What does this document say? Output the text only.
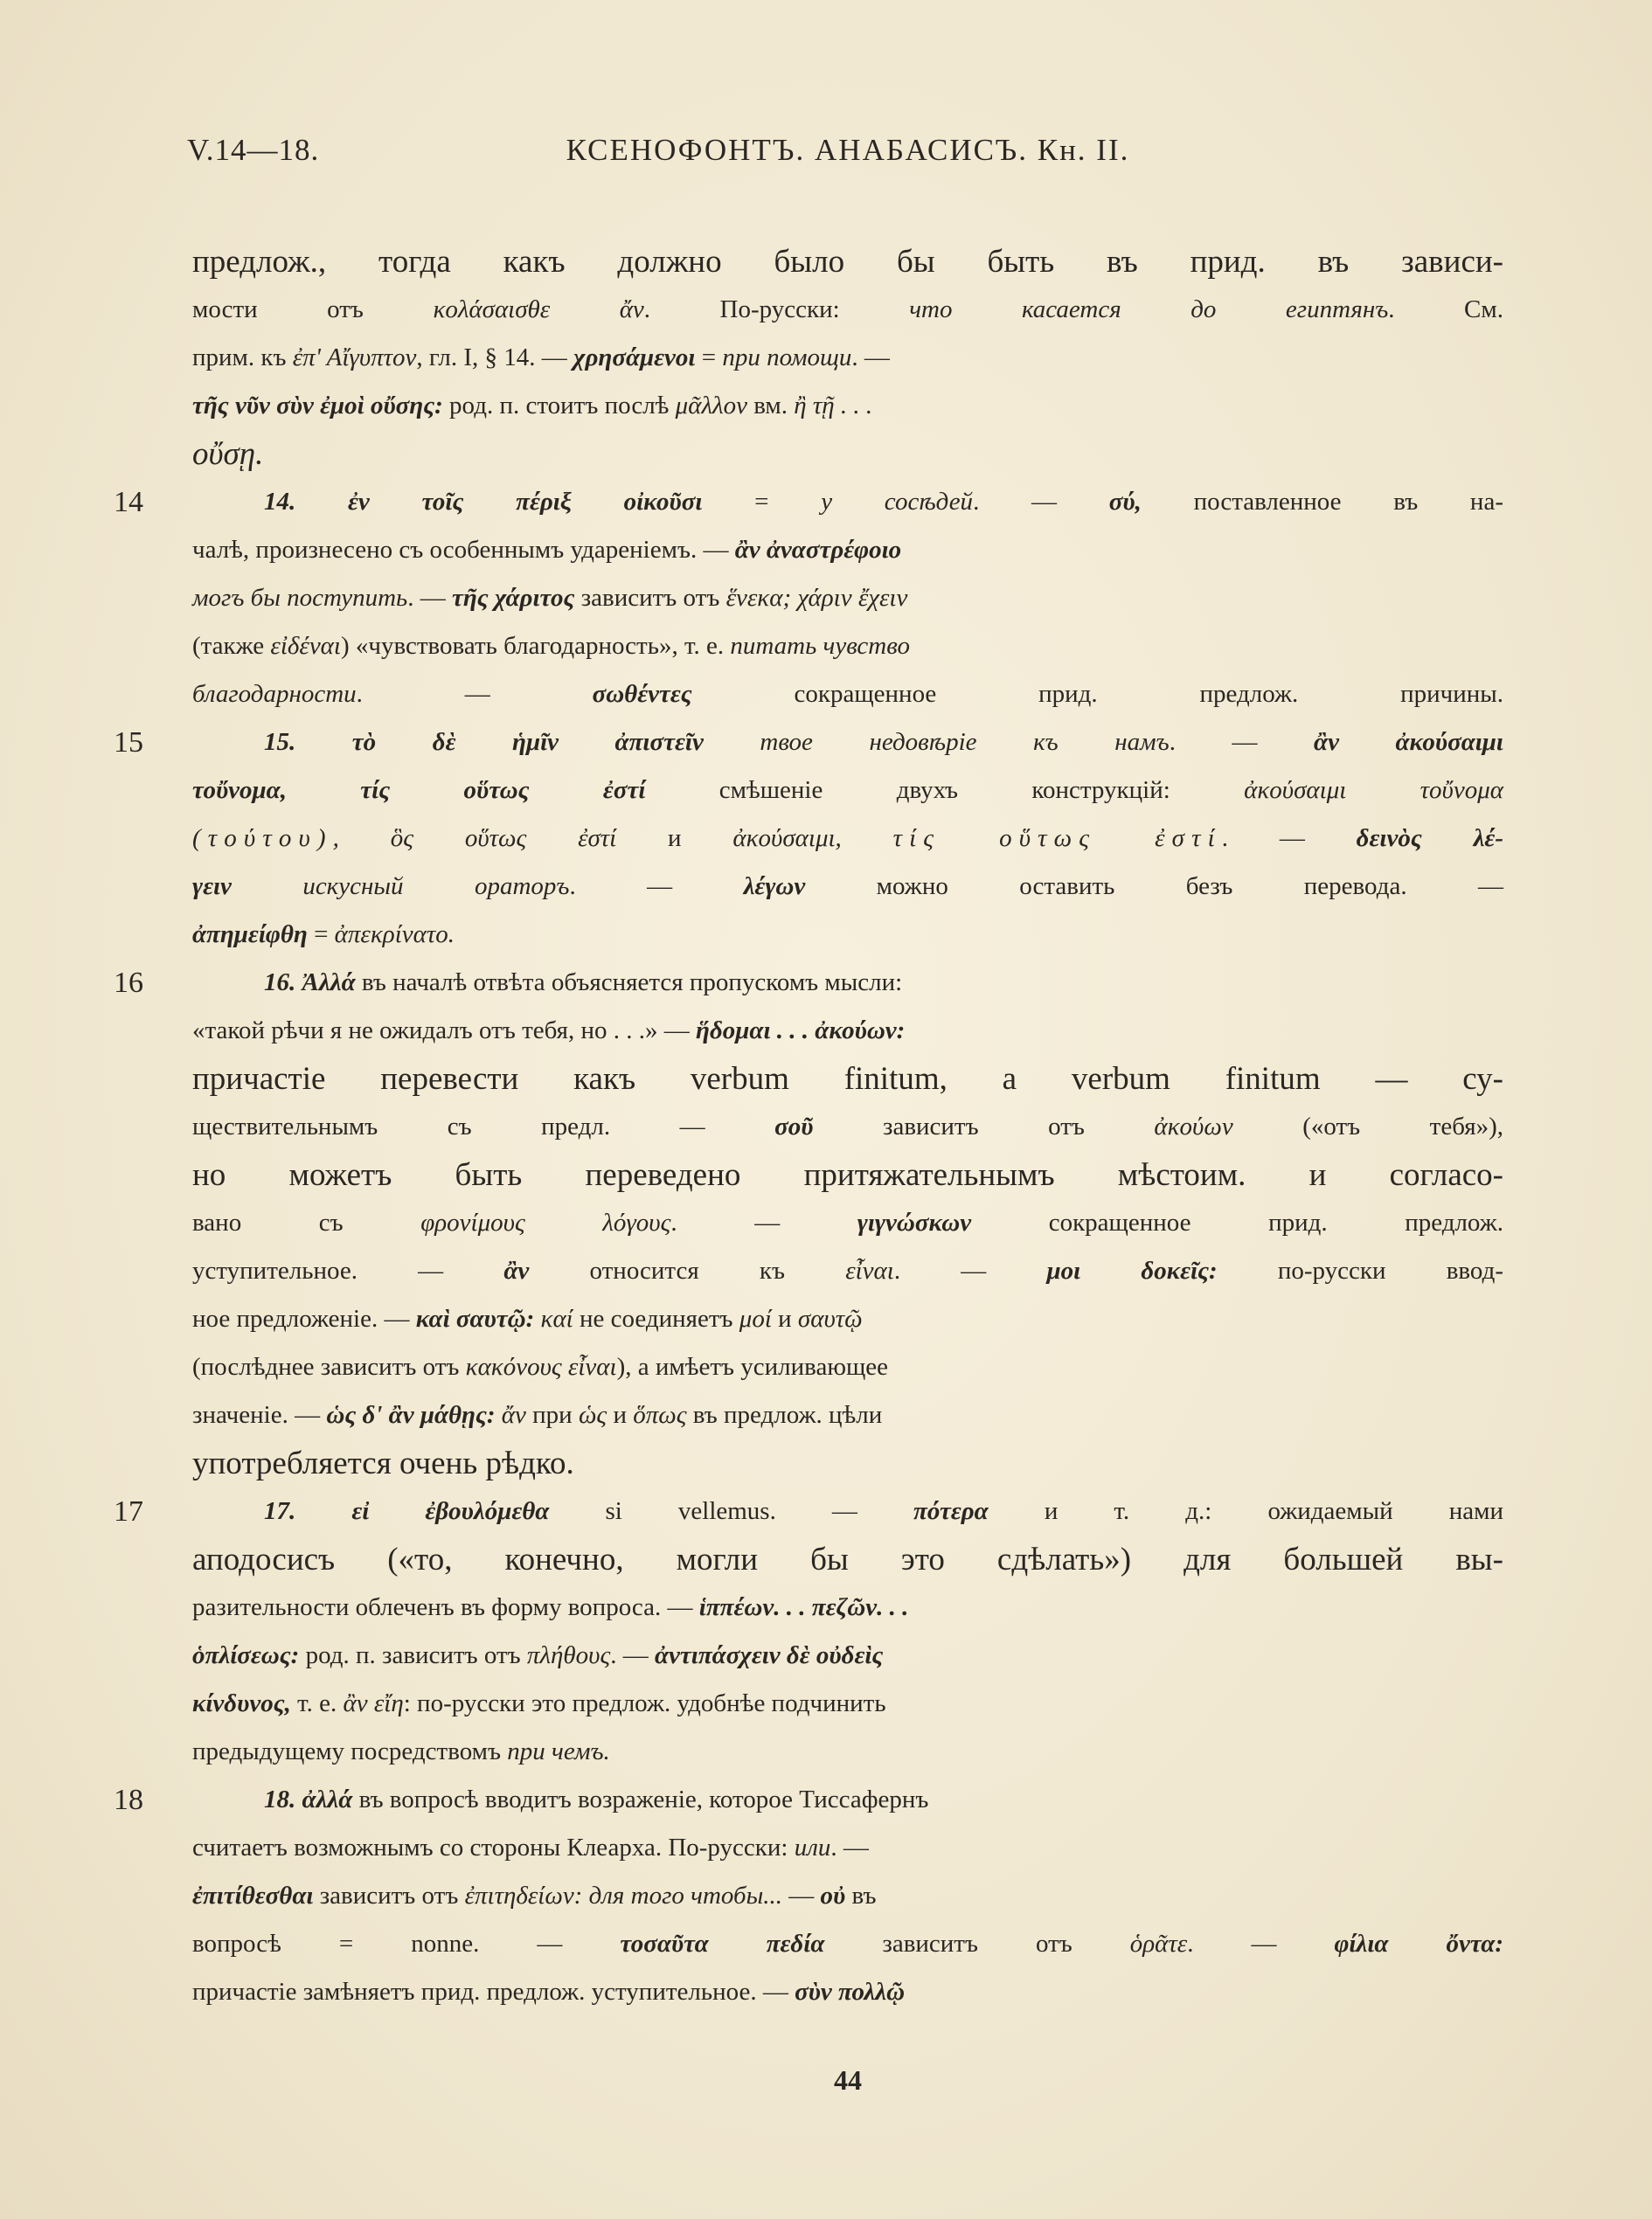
V.14—18.	КСЕНОФОНТЪ. АНАБАСИСЪ. Кн. II.
предлож., тогда какъ должно было бы быть въ прид. въ зависи-
мости отъ κολάσαισθε ἄν. По-русски: что касается до египтянъ. См.
прим. къ ἐπ' Αἴγυπτον, гл. I, § 14. — χρησάμενοι = при помощи. —
τῆς νῦν σὺν ἐμοὶ οὔσης: род. п. стоитъ послѣ μᾶλλον вм. ἢ τῇ . . .
οὔσῃ.
14	14. ἐν τοῖς πέριξ οἰκοῦσι = у сосѣдей. — σύ, поставленное въ на-
чалѣ, произнесено съ особеннымъ удареніемъ. — ἂν ἀναστρέφοιο
могъ бы поступить. — τῆς χάριτος зависитъ отъ ἕνεκα; χάριν ἔχειν
(также εἰδέναι) «чувствовать благодарность», т. е. питать чувство
благодарности. — σωθέντες сокращенное прид. предлож. причины.
15	15. τὸ δὲ ἡμῖν ἀπιστεῖν твое недовѣріе къ намъ. — ἂν ἀκούσαιμι
τοὔνομα, τίς οὕτως ἐστί смѣшеніе двухъ конструкцій: ἀκούσαιμι τοὔνομα
(τούτου), ὃς οὕτως ἐστί и ἀκούσαιμι, τίς οὕτως ἐστί. — δεινὸς λέ-
γειν искусный ораторъ. — λέγων можно оставить безъ перевода. —
ἀπημείφθη = ἀπεκρίνατο.
16	16. Ἀλλά въ началѣ отвѣта объясняется пропускомъ мысли:
«такой рѣчи я не ожидалъ отъ тебя, но . . .» — ἥδομαι . . . ἀκούων:
причастіе перевести какъ verbum finitum, а verbum finitum — су-
ществительнымъ съ предл. — σοῦ зависитъ отъ ἀκούων («отъ тебя»),
но можетъ быть переведено притяжательнымъ мѣстоим. и согласо-
вано съ φρονίμους λόγους. — γιγνώσκων сокращенное прид. предлож.
уступительное. — ἂν относится къ εἶναι. — μοι δοκεῖς: по-русски ввод-
ное предложеніе. — καὶ σαυτῷ: καί не соединяетъ μοί и σαυτῷ
(послѣднее зависитъ отъ κακόνους εἶναι), а имѣетъ усиливающее
значеніе. — ὡς δ' ἂν μάθῃς: ἄν при ὡς и ὅπως въ предлож. цѣли
употребляется очень рѣдко.
17	17. εἰ ἐβουλόμεθα si vellemus. — πότερα и т. д.: ожидаемый нами
аподосисъ («то, конечно, могли бы это сдѣлать») для большей вы-
разительности облеченъ въ форму вопроса. — ἱππέων. . . πεζῶν. . .
ὁπλίσεως: род. п. зависитъ отъ πλήθους. — ἀντιπάσχειν δὲ οὐδεὶς
κίνδυνος, т. е. ἂν εἴη: по-русски это предлож. удобнѣе подчинить
предыдущему посредствомъ при чемъ.
18	18. ἀλλά въ вопросѣ вводитъ возраженіе, которое Тиссафернъ
считаетъ возможнымъ со стороны Клеарха. По-русски: или. —
ἐπιτίθεσθαι зависитъ отъ ἐπιτηδείων: для того чтобы... — οὐ въ
вопросѣ = nonne. — τοσαῦτα πεδία зависитъ отъ ὁρᾶτε. — φίλια ὄντα:
причастіе замѣняетъ прид. предлож. уступительное. — σὺν πολλῷ
44
